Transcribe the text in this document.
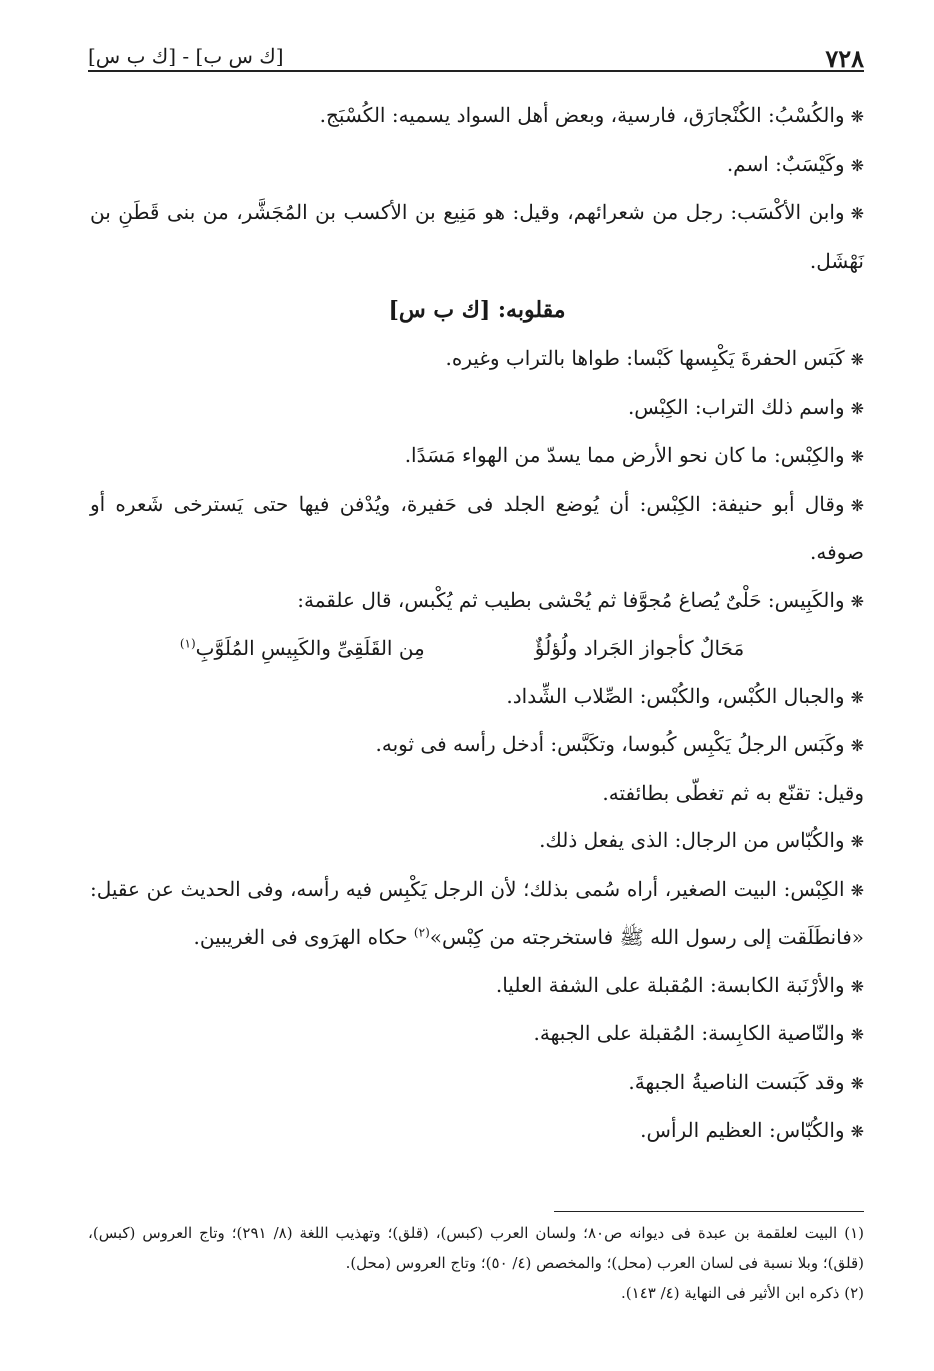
٧٢٨
[ك س ب] - [ك ب س]

❋والكُسْبُ: الكُنْجارَق، فارسية، وبعض أهل السواد يسميه: الكُسْبَج.

❋وكَيْسَبٌ: اسم.

❋وابن الأكْسَب: رجل من شعرائهم، وقيل: هو مَنِيع بن الأكسب بن المُجَشَّر، من بنى قَطَنِ بن نَهْشَل.

مقلوبه: [ك ب س]

❋كَبَس الحفرةَ يَكْبِسها كَبْسا: طواها بالتراب وغيره.

❋واسم ذلك التراب: الكِبْس.

❋والكِبْس: ما كان نحو الأرض مما يسدّ من الهواء مَسَدًا.

❋وقال أبو حنيفة: الكِبْس: أن يُوضع الجلد فى حَفيرة، ويُدْفن فيها حتى يَسترخى شَعره أو صوفه.

❋والكَبِيس: حَلْىٌ يُصاغ مُجوَّفا ثم يُحْشى بطيب ثم يُكْبس، قال علقمة:

مَحَالٌ كأجواز الجَراد ولُؤلُؤٌ
مِن القَلَقِىِّ والكَبِيسِ المُلَوَّبِ$^{(١)}$

❋والجبال الكُبْس، والكُبْس: الصِّلاب الشِّداد.

❋وكَبَس الرجلُ يَكْبِس كُبوسا، وتكَبَّس: أدخل رأسه فى ثوبه.

وقيل: تقنّع به ثم تغطّى بطائفته.

❋والكُبّاس من الرجال: الذى يفعل ذلك.

❋الكِبْس: البيت الصغير، أراه سُمى بذلك؛ لأن الرجل يَكْبِس فيه رأسه، وفى الحديث عن عقيل: «فانطَلَقت إلى رسول الله ﷺ فاستخرجته من كِبْس»$^{(٢)}$ حكاه الهرَوى فى الغريبين.

❋والأرْنَبة الكابسة: المُقبلة على الشفة العليا.

❋والنّاصية الكابِسة: المُقبلة على الجبهة.

❋وقد كَبَست الناصيةُ الجبهةَ.

❋والكُبّاس: العظيم الرأس.

(١) البيت لعلقمة بن عبدة فى ديوانه ص٨٠؛ ولسان العرب (كبس)، (قلق)؛ وتهذيب اللغة (٨/ ٢٩١)؛ وتاج العروس (كبس)، (قلق)؛ وبلا نسبة فى لسان العرب (محل)؛ والمخصص (٤/ ٥٠)؛ وتاج العروس (محل).

(٢) ذكره ابن الأثير فى النهاية (٤/ ١٤٣).
